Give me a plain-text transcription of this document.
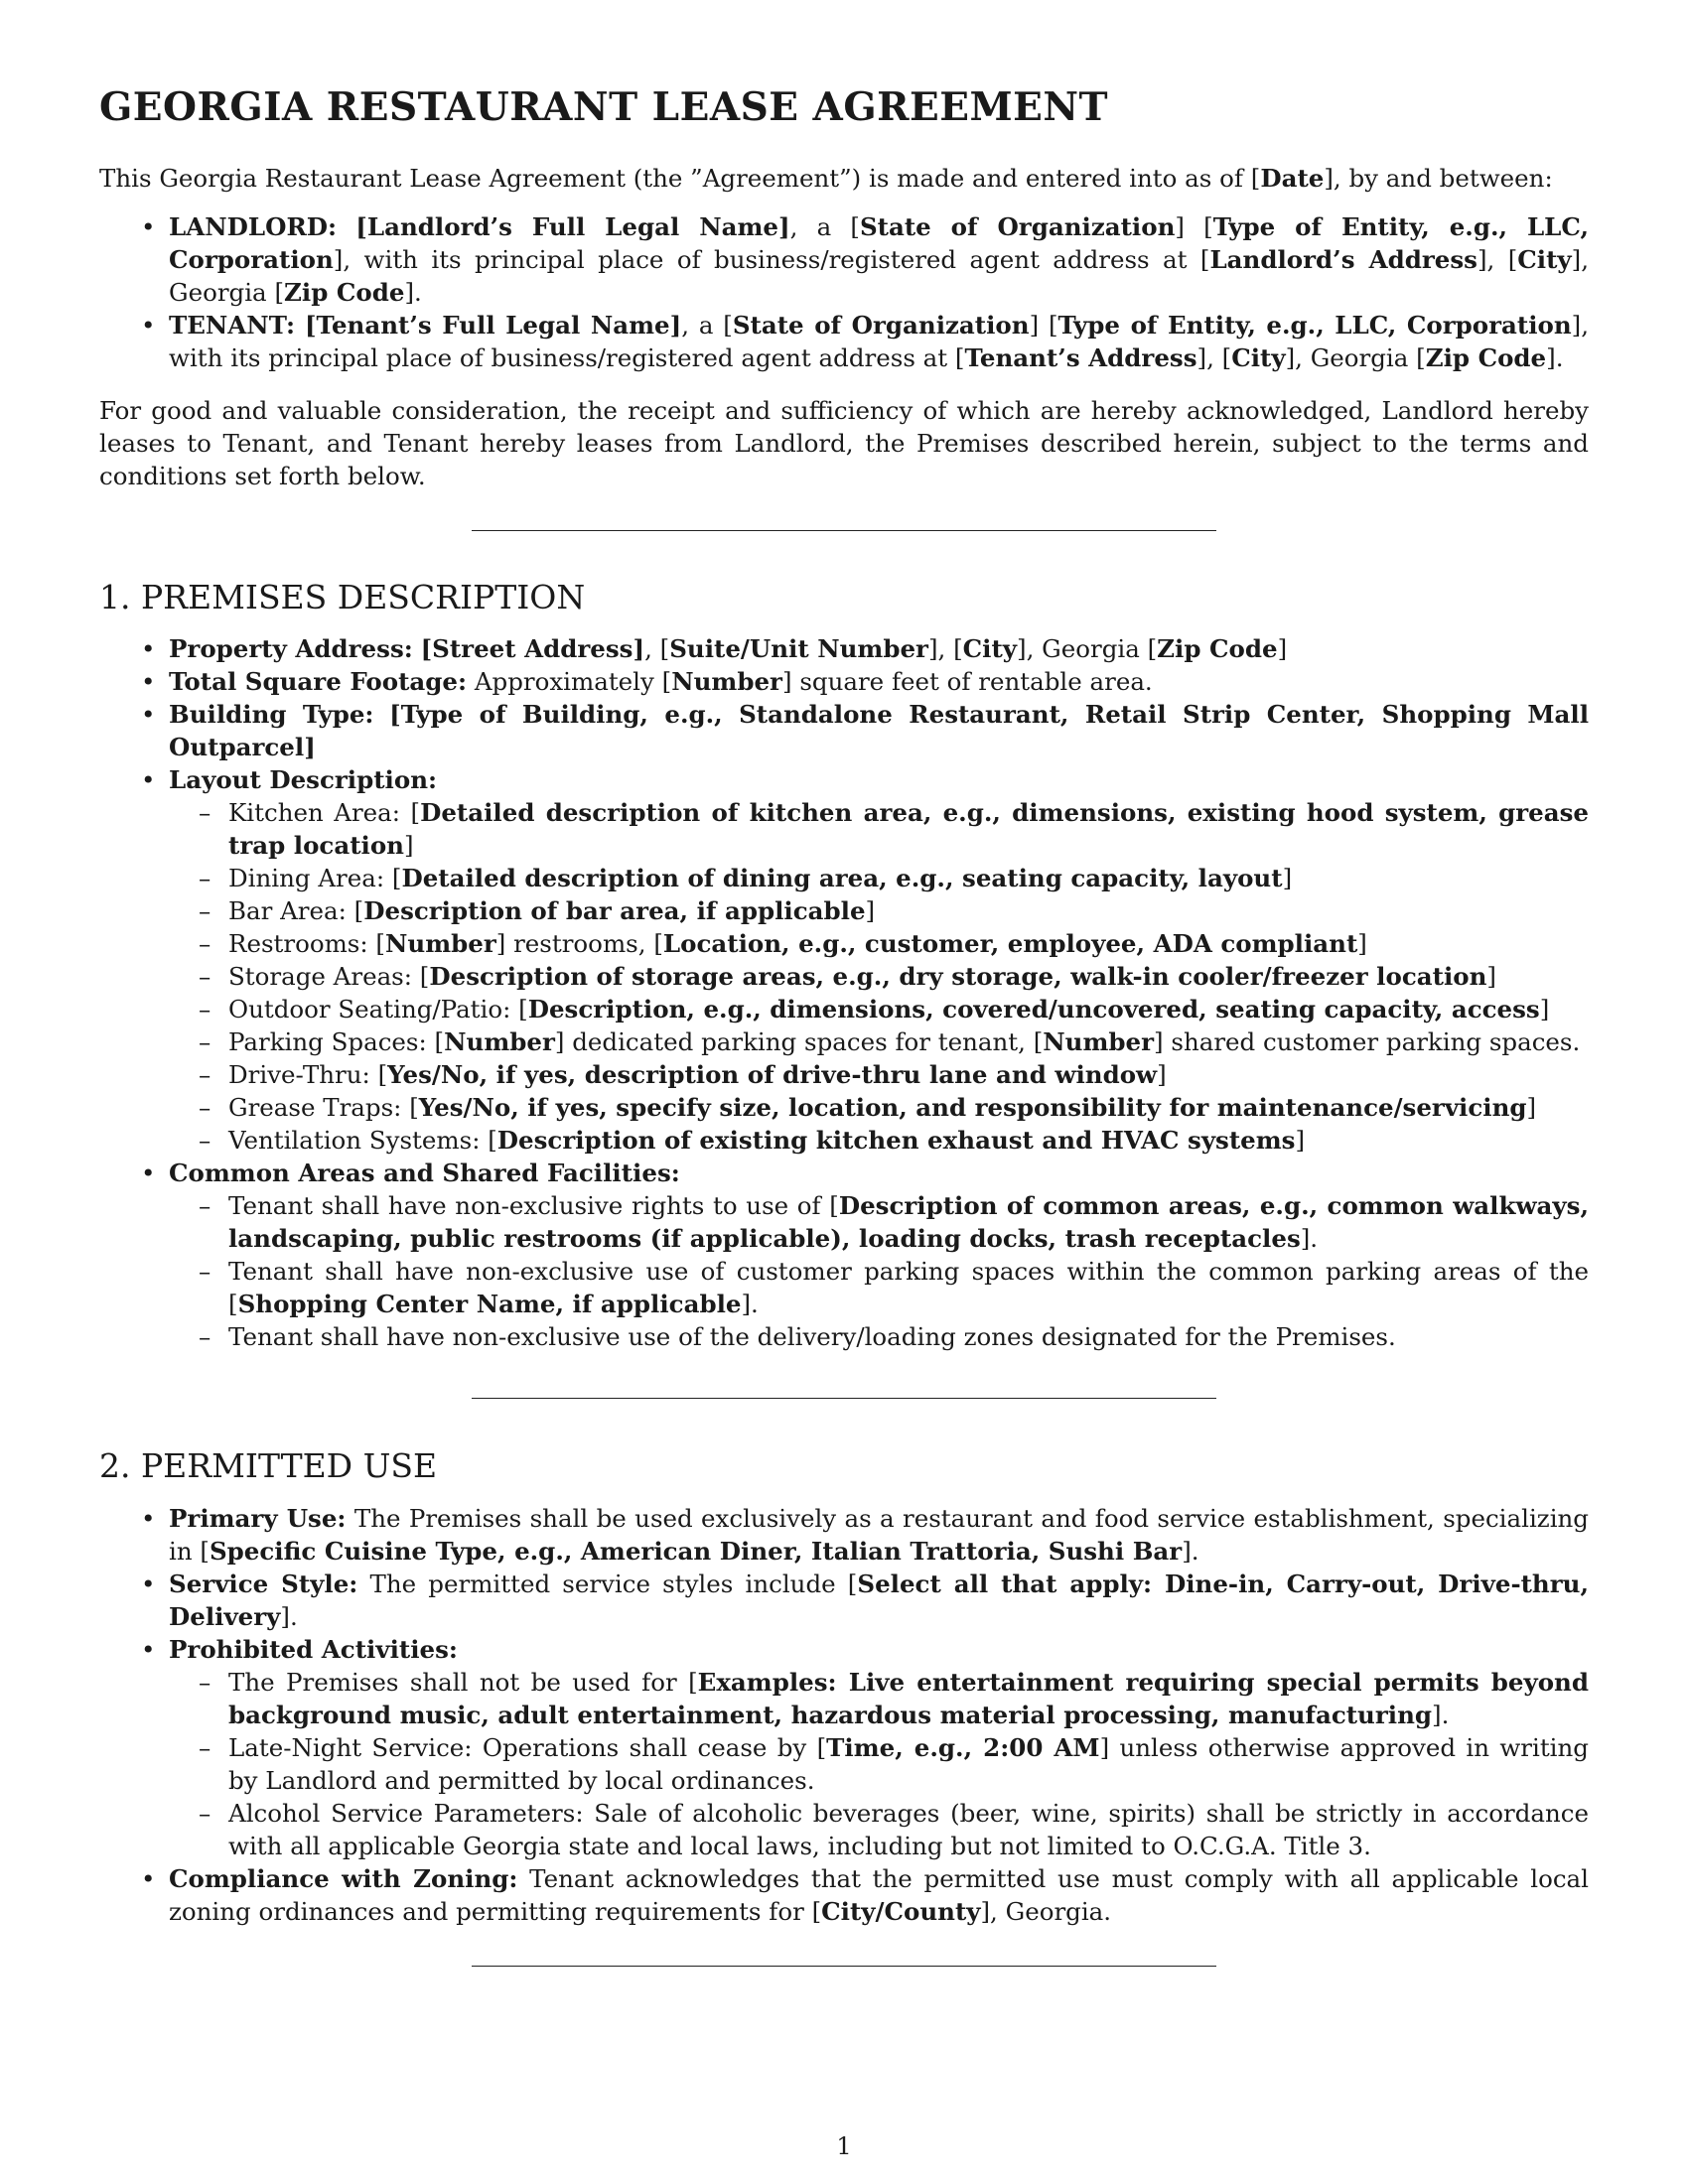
GEORGIA RESTAURANT LEASE AGREEMENT

This Georgia Restaurant Lease Agreement (the ”Agreement”) is made and entered into as of [Date], by and between:

• LANDLORD: [Landlord’s Full Legal Name], a [State of Organization] [Type of Entity, e.g., LLC, Corporation], with its principal place of business/registered agent address at [Landlord’s Address], [City], Georgia [Zip Code].
• TENANT: [Tenant’s Full Legal Name], a [State of Organization] [Type of Entity, e.g., LLC, Corporation], with its principal place of business/registered agent address at [Tenant’s Address], [City], Georgia [Zip Code].

For good and valuable consideration, the receipt and sufficiency of which are hereby acknowledged, Landlord hereby leases to Tenant, and Tenant hereby leases from Landlord, the Premises described herein, subject to the terms and conditions set forth below.

1. PREMISES DESCRIPTION
• Property Address: [Street Address], [Suite/Unit Number], [City], Georgia [Zip Code]
• Total Square Footage: Approximately [Number] square feet of rentable area.
• Building Type: [Type of Building, e.g., Standalone Restaurant, Retail Strip Center, Shopping Mall Outparcel]
• Layout Description:
– Kitchen Area: [Detailed description of kitchen area, e.g., dimensions, existing hood system, grease trap location]
– Dining Area: [Detailed description of dining area, e.g., seating capacity, layout]
– Bar Area: [Description of bar area, if applicable]
– Restrooms: [Number] restrooms, [Location, e.g., customer, employee, ADA compliant]
– Storage Areas: [Description of storage areas, e.g., dry storage, walk-in cooler/freezer location]
– Outdoor Seating/Patio: [Description, e.g., dimensions, covered/uncovered, seating capacity, access]
– Parking Spaces: [Number] dedicated parking spaces for tenant, [Number] shared customer parking spaces.
– Drive-Thru: [Yes/No, if yes, description of drive-thru lane and window]
– Grease Traps: [Yes/No, if yes, specify size, location, and responsibility for maintenance/servicing]
– Ventilation Systems: [Description of existing kitchen exhaust and HVAC systems]
• Common Areas and Shared Facilities:
– Tenant shall have non-exclusive rights to use of [Description of common areas, e.g., common walkways, landscaping, public restrooms (if applicable), loading docks, trash receptacles].
– Tenant shall have non-exclusive use of customer parking spaces within the common parking areas of the [Shopping Center Name, if applicable].
– Tenant shall have non-exclusive use of the delivery/loading zones designated for the Premises.
2. PERMITTED USE
• Primary Use: The Premises shall be used exclusively as a restaurant and food service establishment, specializing in [Specific Cuisine Type, e.g., American Diner, Italian Trattoria, Sushi Bar].
• Service Style: The permitted service styles include [Select all that apply: Dine-in, Carry-out, Drive-thru, Delivery].
• Prohibited Activities:
– The Premises shall not be used for [Examples: Live entertainment requiring special permits beyond background music, adult entertainment, hazardous material processing, manufacturing].
– Late-Night Service: Operations shall cease by [Time, e.g., 2:00 AM] unless otherwise approved in writing by Landlord and permitted by local ordinances.
– Alcohol Service Parameters: Sale of alcoholic beverages (beer, wine, spirits) shall be strictly in accordance with all applicable Georgia state and local laws, including but not limited to O.C.G.A. Title 3.
• Compliance with Zoning: Tenant acknowledges that the permitted use must comply with all applicable local zoning ordinances and permitting requirements for [City/County], Georgia.
1
